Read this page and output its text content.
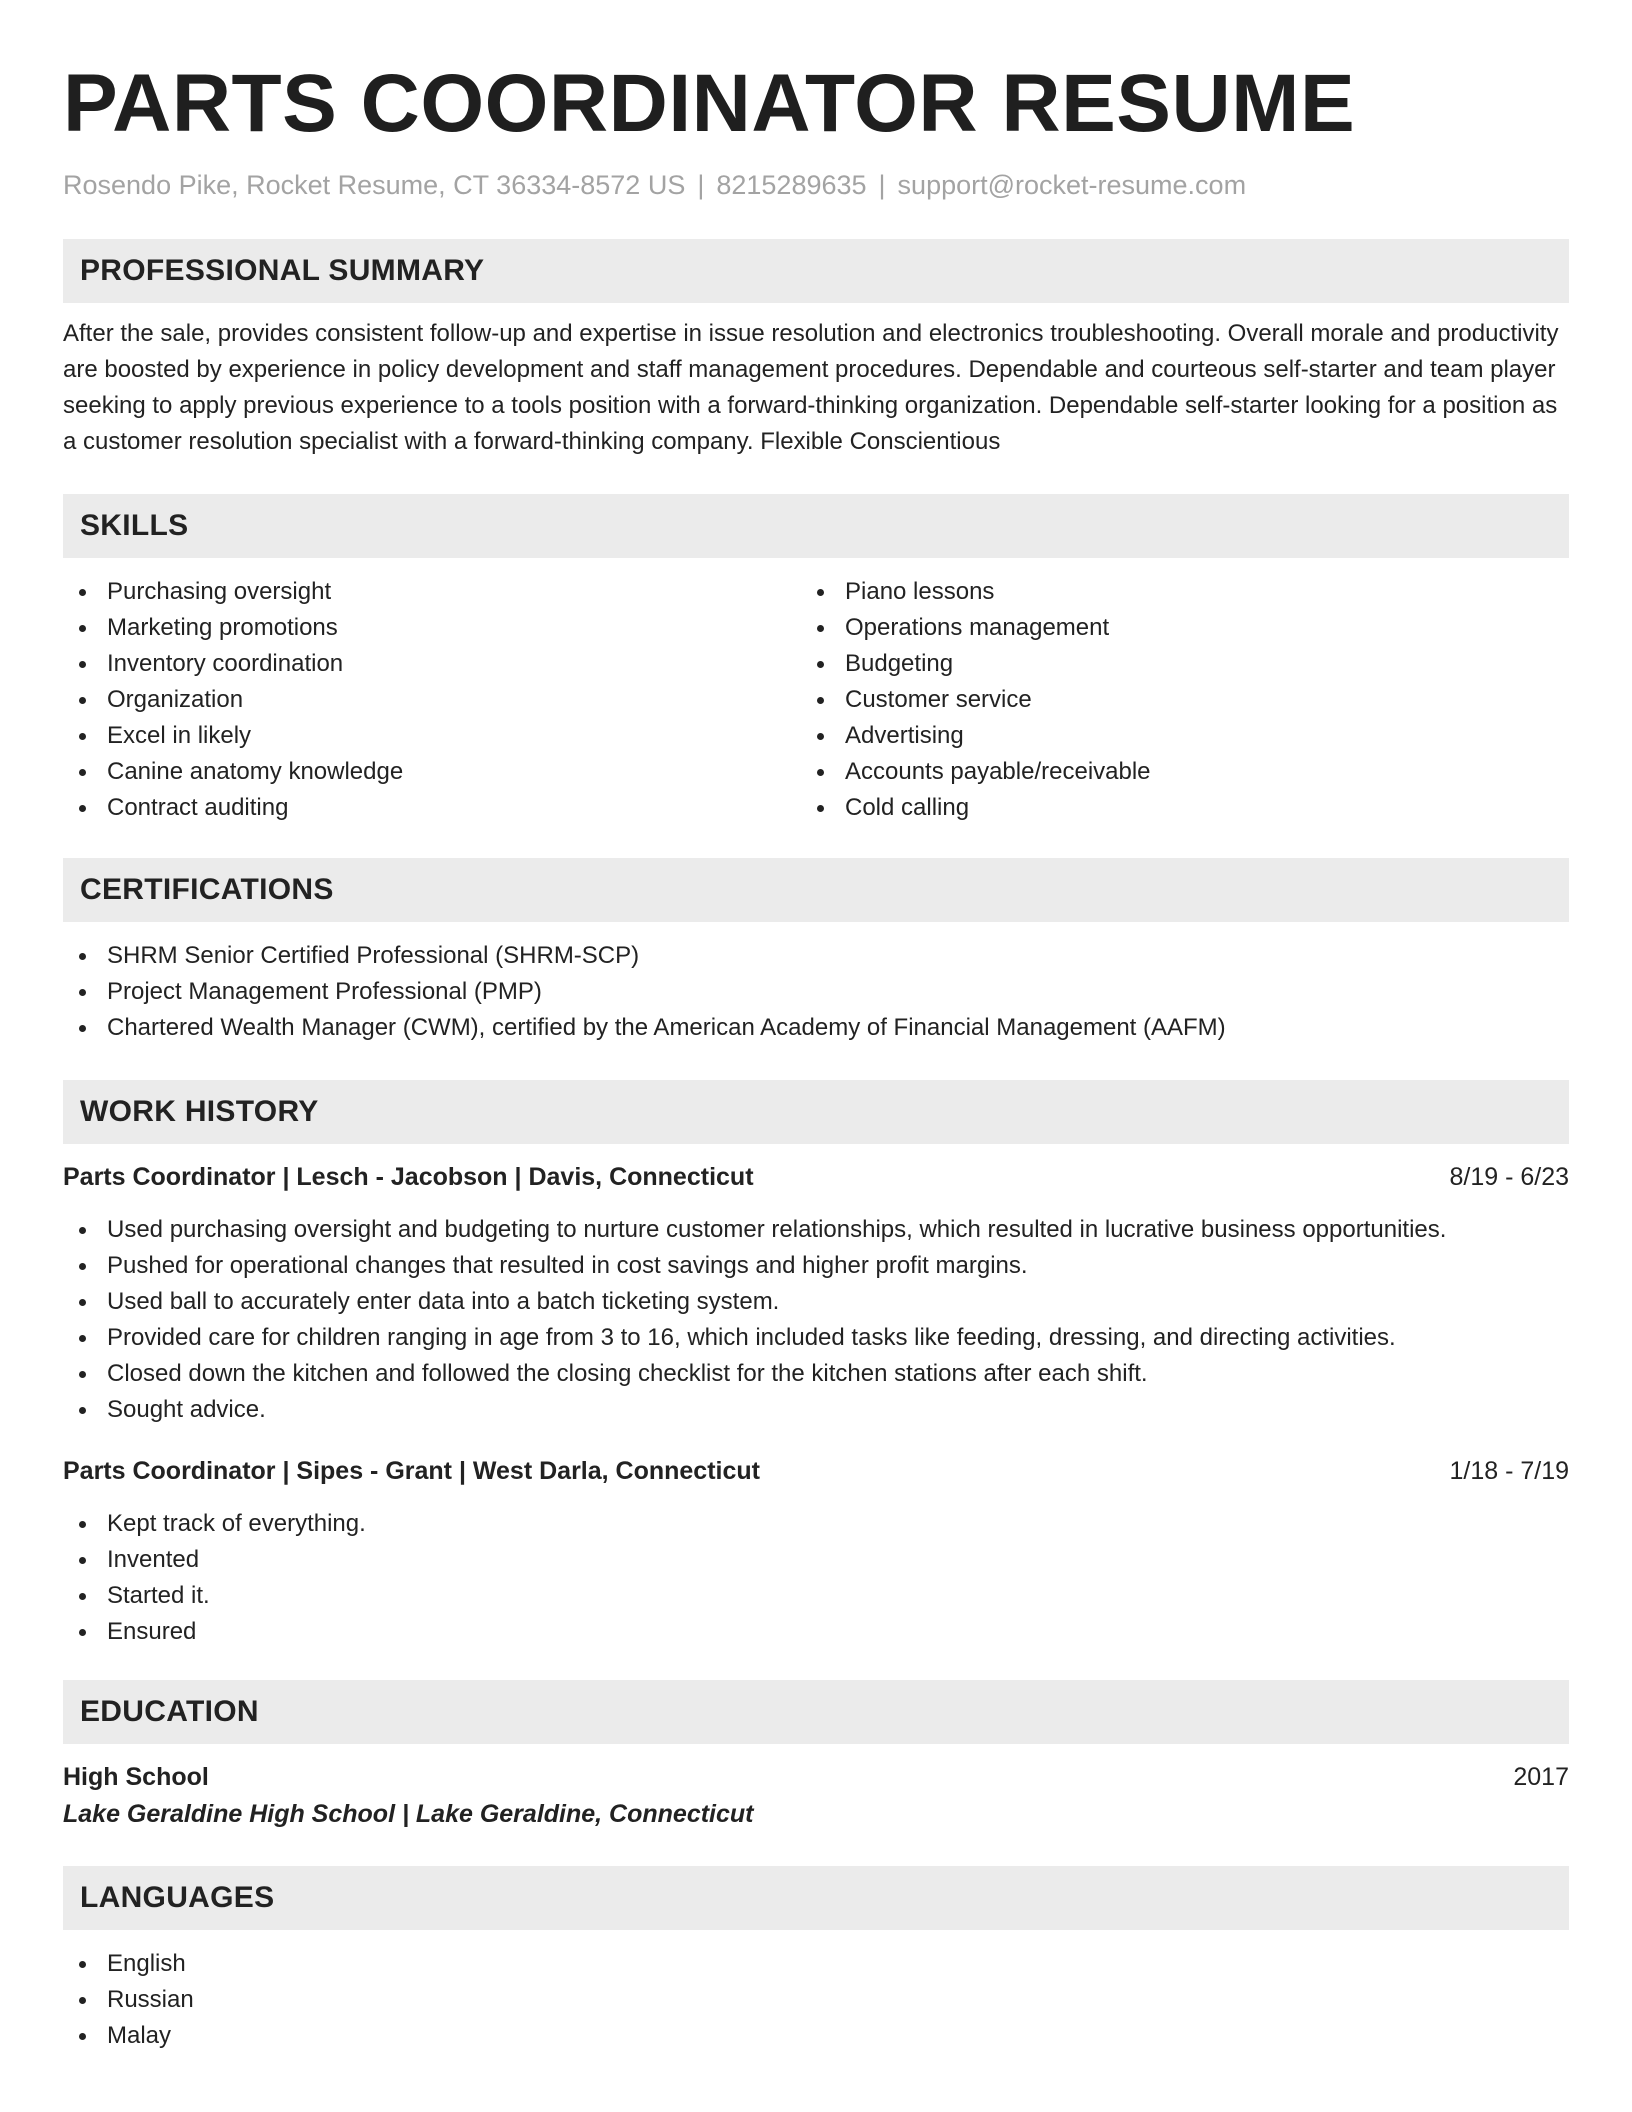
PARTS COORDINATOR RESUME
Rosendo Pike, Rocket Resume, CT 36334-8572 US | 8215289635 | support@rocket-resume.com
PROFESSIONAL SUMMARY

After the sale, provides consistent follow-up and expertise in issue resolution and electronics troubleshooting. Overall morale and productivity are boosted by experience in policy development and staff management procedures. Dependable and courteous self-starter and team player seeking to apply previous experience to a tools position with a forward-thinking organization. Dependable self-starter looking for a position as a customer resolution specialist with a forward-thinking company. Flexible Conscientious

SKILLS
Purchasing oversight
Marketing promotions
Inventory coordination
Organization
Excel in likely
Canine anatomy knowledge
Contract auditing
Piano lessons
Operations management
Budgeting
Customer service
Advertising
Accounts payable/receivable
Cold calling
CERTIFICATIONS
SHRM Senior Certified Professional (SHRM-SCP)
Project Management Professional (PMP)
Chartered Wealth Manager (CWM), certified by the American Academy of Financial Management (AAFM)
WORK HISTORY
Parts Coordinator | Lesch - Jacobson | Davis, Connecticut	8/19 - 6/23
Used purchasing oversight and budgeting to nurture customer relationships, which resulted in lucrative business opportunities.
Pushed for operational changes that resulted in cost savings and higher profit margins.
Used ball to accurately enter data into a batch ticketing system.
Provided care for children ranging in age from 3 to 16, which included tasks like feeding, dressing, and directing activities.
Closed down the kitchen and followed the closing checklist for the kitchen stations after each shift.
Sought advice.
Parts Coordinator | Sipes - Grant | West Darla, Connecticut	1/18 - 7/19
Kept track of everything.
Invented
Started it.
Ensured
EDUCATION
High School	2017
Lake Geraldine High School | Lake Geraldine, Connecticut
LANGUAGES
English
Russian
Malay
